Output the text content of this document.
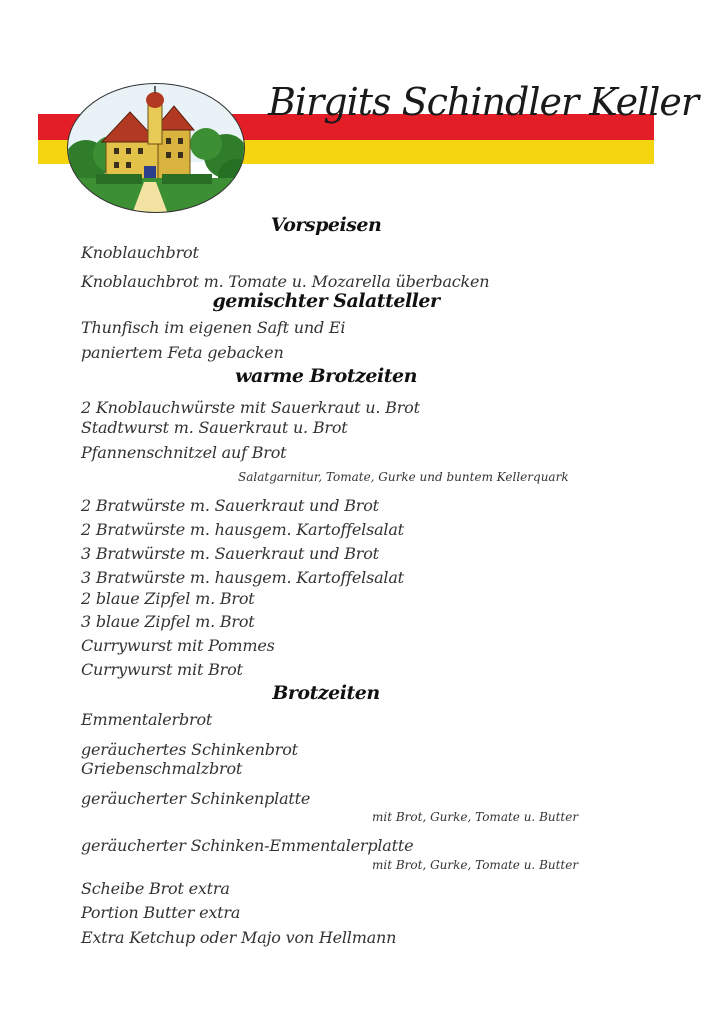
Birgits Schindler Keller
Vorspeisen
Knoblauchbrot
Knoblauchbrot m. Tomate u. Mozarella überbacken
gemischter Salatteller
Thunfisch im eigenen Saft und Ei
paniertem Feta gebacken
warme Brotzeiten
2 Knoblauchwürste mit Sauerkraut u. Brot
Stadtwurst m. Sauerkraut u. Brot
Pfannenschnitzel auf Brot
Salatgarnitur, Tomate, Gurke und buntem Kellerquark
2 Bratwürste m. Sauerkraut und Brot
2 Bratwürste m. hausgem. Kartoffelsalat
3 Bratwürste m. Sauerkraut und Brot
3 Bratwürste m. hausgem. Kartoffelsalat
2 blaue Zipfel m. Brot
3 blaue Zipfel m. Brot
Currywurst mit Pommes
Currywurst mit Brot
Brotzeiten
Emmentalerbrot
geräuchertes Schinkenbrot
Griebenschmalzbrot
geräucherter Schinkenplatte
mit Brot, Gurke, Tomate u. Butter
geräucherter Schinken-Emmentalerplatte
mit Brot, Gurke, Tomate u. Butter
Scheibe Brot extra
Portion Butter extra
Extra Ketchup oder Majo von Hellmann
